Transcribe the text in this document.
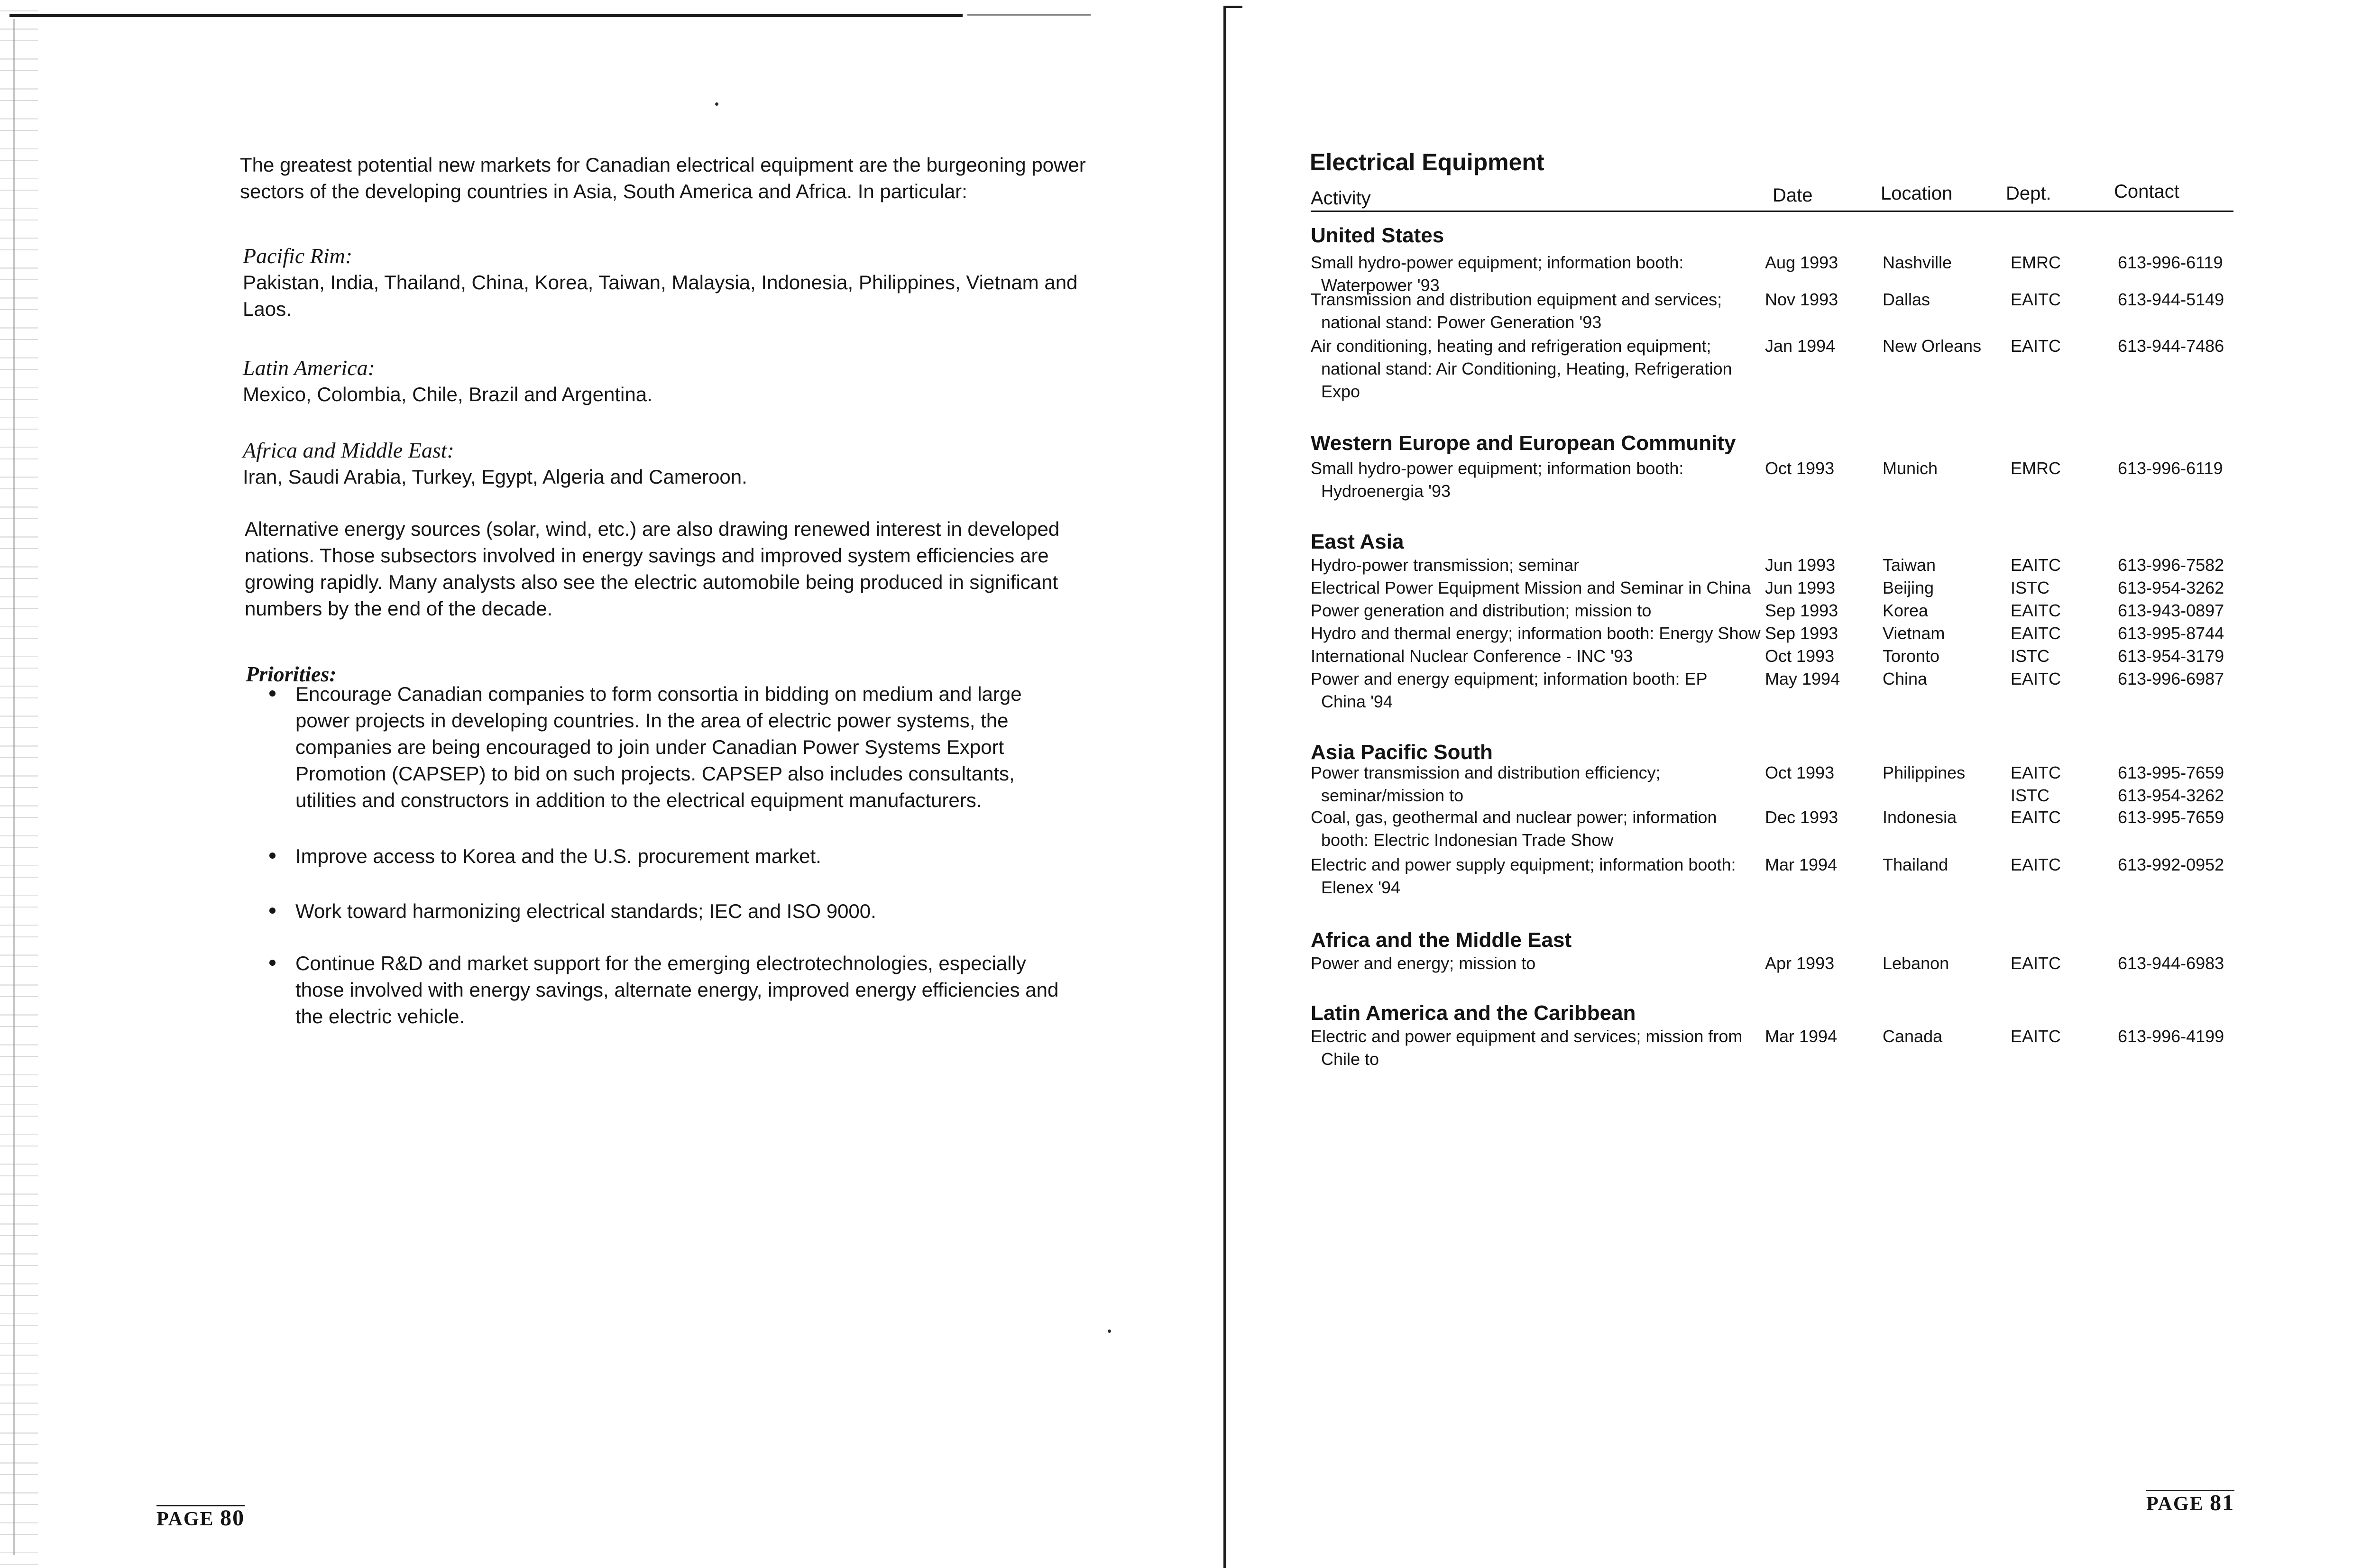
The greatest potential new markets for Canadian electrical equipment are the burgeoning power sectors of the developing countries in Asia, South America and Africa. In particular:

Pacific Rim:
Pakistan, India, Thailand, China, Korea, Taiwan, Malaysia, Indonesia, Philippines, Vietnam and Laos.
Latin America:
Mexico, Colombia, Chile, Brazil and Argentina.
Africa and Middle East:
Iran, Saudi Arabia, Turkey, Egypt, Algeria and Cameroon.

Alternative energy sources (solar, wind, etc.) are also drawing renewed interest in developed nations. Those subsectors involved in energy savings and improved system efficiencies are growing rapidly. Many analysts also see the electric automobile being produced in significant numbers by the end of the decade.

Priorities:
Encourage Canadian companies to form consortia in bidding on medium and large power projects in developing countries. In the area of electric power systems, the companies are being encouraged to join under Canadian Power Systems Export Promotion (CAPSEP) to bid on such projects. CAPSEP also includes consultants, utilities and constructors in addition to the electrical equipment manufacturers.
Improve access to Korea and the U.S. procurement market.
Work toward harmonizing electrical standards; IEC and ISO 9000.
Continue R&D and market support for the emerging electrotechnologies, especially those involved with energy savings, alternate energy, improved energy efficiencies and the electric vehicle.
PAGE 80
Electrical Equipment
Activity	Date	Location	Dept.	Contact
United States
Small hydro-power equipment; information booth:
Waterpower '93
Aug 1993	Nashville	EMRC	613-996-6119
Transmission and distribution equipment and services;
national stand: Power Generation '93
Nov 1993	Dallas	EAITC	613-944-5149
Air conditioning, heating and refrigeration equipment;
national stand: Air Conditioning, Heating, Refrigeration
Expo
Jan 1994	New Orleans EAITC	613-944-7486
Western Europe and European Community
Small hydro-power equipment; information booth:
Hydroenergia '93
Oct 1993	Munich	EMRC	613-996-6119
East Asia
Hydro-power transmission; seminar	Jun 1993	Taiwan	EAITC	613-996-7582
Electrical Power Equipment Mission and Seminar in China Jun 1993	Beijing	ISTC	613-954-3262
Power generation and distribution; mission to	Sep 1993	Korea	EAITC	613-943-0897
Hydro and thermal energy; information booth: Energy Show Sep 1993	Vietnam	EAITC	613-995-8744
International Nuclear Conference - INC '93	Oct 1993	Toronto	ISTC	613-954-3179
Power and energy equipment; information booth: EP
China '94
May 1994 China	EAITC	613-996-6987
Asia Pacific South
Power transmission and distribution efficiency;
seminar/mission to
Oct 1993	Philippines	EAITC	613-995-7659
ISTC	613-954-3262
Coal, gas, geothermal and nuclear power; information
booth: Electric Indonesian Trade Show
Dec 1993	Indonesia	EAITC	613-995-7659
Electric and power supply equipment; information booth:
Elenex '94
Mar 1994	Thailand	EAITC	613-992-0952
Africa and the Middle East
Power and energy; mission to	Apr 1993	Lebanon	EAITC	613-944-6983
Latin America and the Caribbean
Electric and power equipment and services; mission from
Chile to
Mar 1994	Canada	EAITC	613-996-4199
PAGE 81
